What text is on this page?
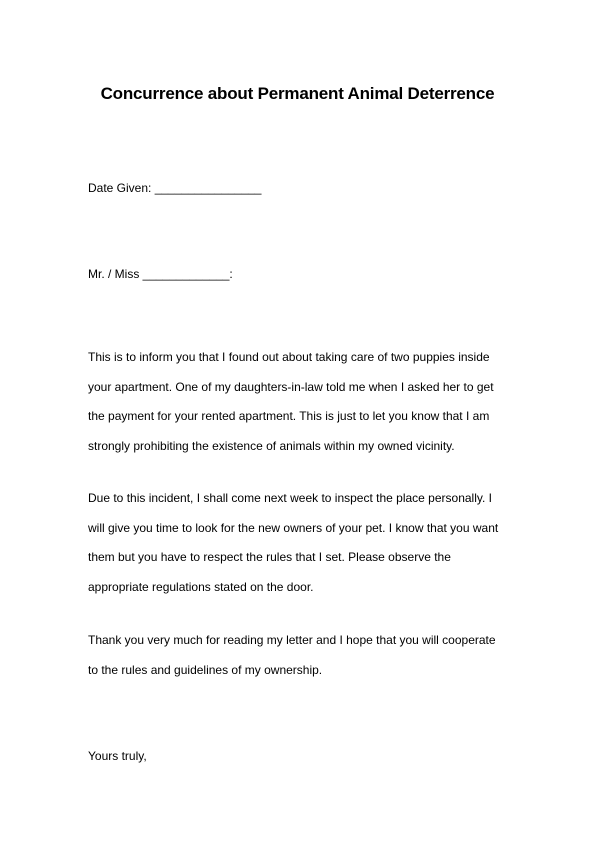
Concurrence about Permanent Animal Deterrence

Date Given: ________________

Mr. / Miss _____________:

This is to inform you that I found out about taking care of two puppies inside your apartment. One of my daughters-in-law told me when I asked her to get the payment for your rented apartment. This is just to let you know that I am strongly prohibiting the existence of animals within my owned vicinity.

Due to this incident, I shall come next week to inspect the place personally. I will give you time to look for the new owners of your pet. I know that you want them but you have to respect the rules that I set. Please observe the appropriate regulations stated on the door.

Thank you very much for reading my letter and I hope that you will cooperate to the rules and guidelines of my ownership.

Yours truly,
